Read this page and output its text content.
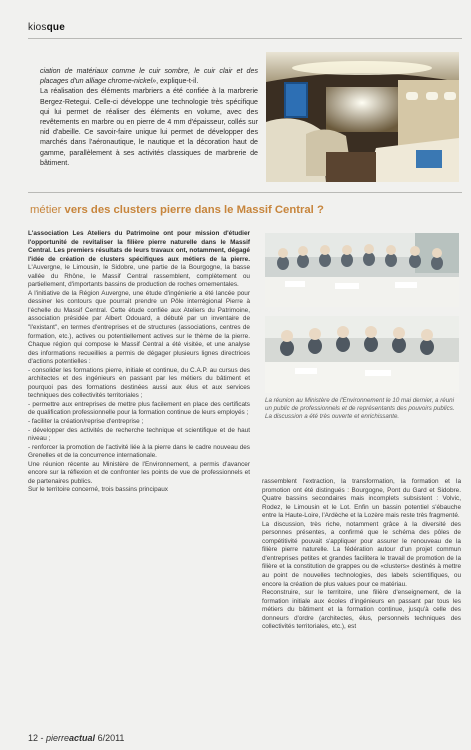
kiosque

ciation de matériaux comme le cuir sombre, le cuir clair et des placages d'un alliage chrome-nickel», explique-t-il.

La réalisation des éléments marbriers a été confiée à la marbrerie Bergez-Retegui. Celle-ci développe une technologie très spécifique qui lui permet de réaliser des éléments en volume, avec des revêtements en marbre ou en pierre de 4 mm d'épaisseur, collés sur nid d'abeille. Ce savoir-faire unique lui permet de développer des marchés dans l'aéronautique, le nautique et la décoration haut de gamme, parallèlement à ses activités classiques de marbrerie de bâtiment.

métier vers des clusters pierre dans le Massif Central ?

L'association Les Ateliers du Patrimoine ont pour mission d'étudier l'opportunité de revitaliser la filière pierre naturelle dans le Massif Central. Les premiers résultats de leurs travaux ont, notamment, dégagé l'idée de création de clusters spécifiques aux métiers de la pierre. L'Auvergne, le Limousin, le Sidobre, une partie de la Bourgogne, la basse vallée du Rhône, le Massif Central rassemblent, complètement ou partiellement, d'importants bassins de production de roches ornementales.

A l'initiative de la Région Auvergne, une étude d'ingénierie a été lancée pour dessiner les contours que pourrait prendre un Pôle interrégional Pierre à l'échelle du Massif Central. Cette étude confiée aux Ateliers du Patrimoine, association présidée par Albert Odouard, a débuté par un inventaire de "l'existant", en termes d'entreprises et de structures (associations, centres de formation, etc.), actives ou potentiellement actives sur le thème de la pierre. Chaque région qui compose le Massif Central a été visitée, et une analyse des informations recueillies a permis de dégager plusieurs lignes directrices d'actions potentielles :

- consolider les formations pierre, initiale et continue, du C.A.P. au cursus des architectes et des ingénieurs en passant par les métiers du bâtiment et pourquoi pas des formations destinées aussi aux élus et aux services techniques des collectivités territoriales ;

- permettre aux entreprises de mettre plus facilement en place des certificats de qualification professionnelle pour la formation continue de leurs employés ;

- faciliter la création/reprise d'entreprise ;

- développer des activités de recherche technique et scientifique et de haut niveau ;

- renforcer la promotion de l'activité liée à la pierre dans le cadre nouveau des Grenelles et de la concurrence internationale.

Une réunion récente au Ministère de l'Environnement, a permis d'avancer encore sur la réflexion et de confronter les points de vue de professionnels et de partenaires publics.

Sur le territoire concerné, trois bassins principaux

La réunion au Ministère de l'Environnement le 10 mai dernier, a réuni un public de professionnels et de représentants des pouvoirs publics. La discussion a été très ouverte et enrichissante.

rassemblent l'extraction, la transformation, la formation et la promotion ont été distingués : Bourgogne, Pont du Gard et Sidobre. Quatre bassins secondaires mais incomplets subsistent : Volvic, Rodez, le Limousin et le Lot. Enfin un bassin potentiel s'ébauche entre la Haute-Loire, l'Ardèche et la Lozère mais reste très fragmenté.

La discussion, très riche, notamment grâce à la diversité des personnes présentes, a confirmé que le schéma des pôles de compétitivité pouvait s'appliquer pour assurer le renouveau de la filière pierre naturelle. La fédération autour d'un projet commun d'entreprises petites et grandes facilitera le travail de promotion de la filière et la constitution de grappes ou de «clusters» destinés à mettre au point de nouvelles technologies, des labels scientifiques, ou encore la création de plus values pour ce matériau.

Reconstruire, sur le territoire, une filière d'enseignement, de la formation initiale aux écoles d'ingénieurs en passant par tous les métiers du bâtiment et la formation continue, jusqu'à celle des donneurs d'ordre (architectes, élus, personnels techniques des collectivités territoriales, etc.), est

12 - pierreactual 6/2011
